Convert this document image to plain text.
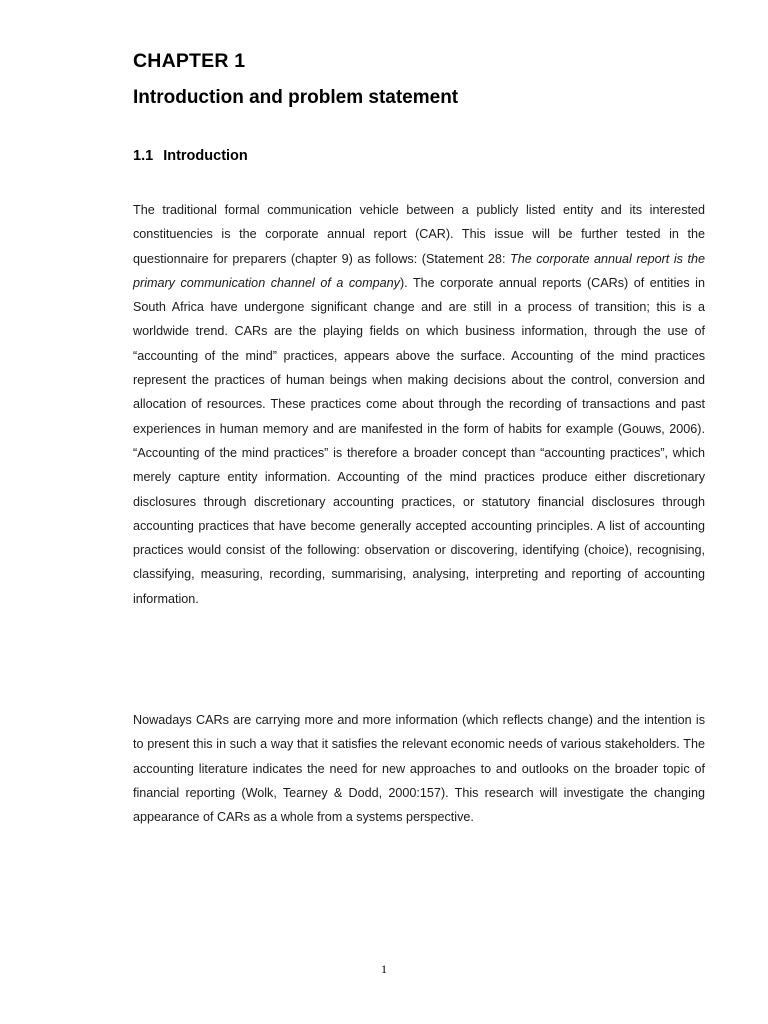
CHAPTER 1
Introduction and problem statement
1.1 Introduction

The traditional formal communication vehicle between a publicly listed entity and its interested constituencies is the corporate annual report (CAR). This issue will be further tested in the questionnaire for preparers (chapter 9) as follows: (Statement 28: The corporate annual report is the primary communication channel of a company). The corporate annual reports (CARs) of entities in South Africa have undergone significant change and are still in a process of transition; this is a worldwide trend. CARs are the playing fields on which business information, through the use of “accounting of the mind” practices, appears above the surface. Accounting of the mind practices represent the practices of human beings when making decisions about the control, conversion and allocation of resources. These practices come about through the recording of transactions and past experiences in human memory and are manifested in the form of habits for example (Gouws, 2006). “Accounting of the mind practices” is therefore a broader concept than “accounting practices”, which merely capture entity information. Accounting of the mind practices produce either discretionary disclosures through discretionary accounting practices, or statutory financial disclosures through accounting practices that have become generally accepted accounting principles. A list of accounting practices would consist of the following: observation or discovering, identifying (choice), recognising, classifying, measuring, recording, summarising, analysing, interpreting and reporting of accounting information.

Nowadays CARs are carrying more and more information (which reflects change) and the intention is to present this in such a way that it satisfies the relevant economic needs of various stakeholders. The accounting literature indicates the need for new approaches to and outlooks on the broader topic of financial reporting (Wolk, Tearney & Dodd, 2000:157). This research will investigate the changing appearance of CARs as a whole from a systems perspective.

1
